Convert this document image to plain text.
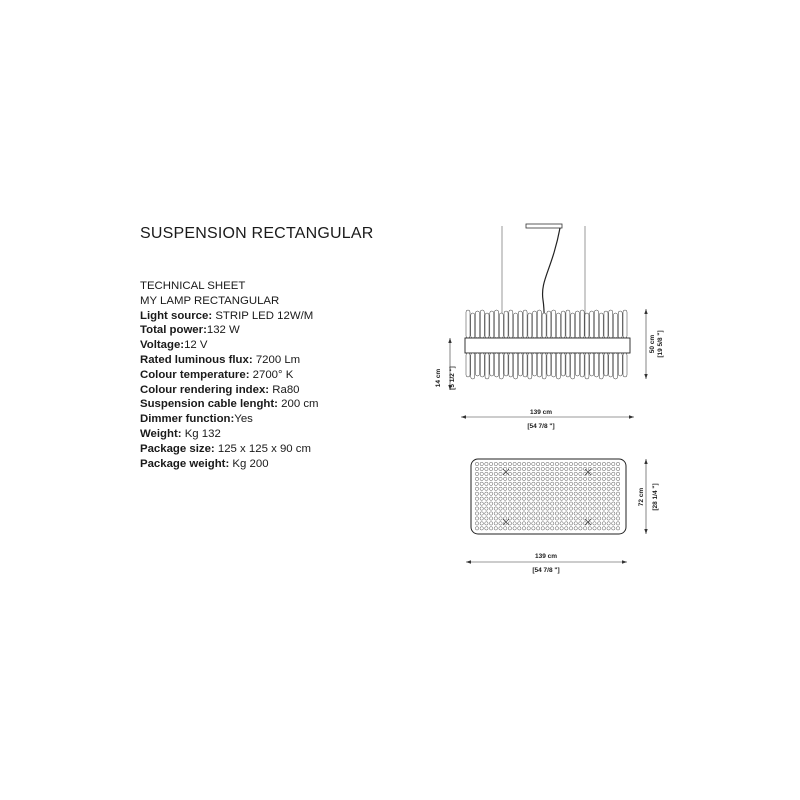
SUSPENSION RECTANGULAR
TECHNICAL SHEET
MY LAMP RECTANGULAR
Light source: STRIP LED 12W/M
Total power:132 W
Voltage:12 V
Rated luminous flux: 7200 Lm
Colour temperature: 2700° K
Colour rendering index: Ra80
Suspension cable lenght: 200 cm
Dimmer function:Yes
Weight: Kg 132
Package size: 125 x 125 x 90 cm
Package weight: Kg 200
50 cm [19 5/8 "]
14 cm [5 1/2 "]
139 cm
[54 7/8 "]
72 cm [28 1/4 "]
139 cm
[54 7/8 "]
